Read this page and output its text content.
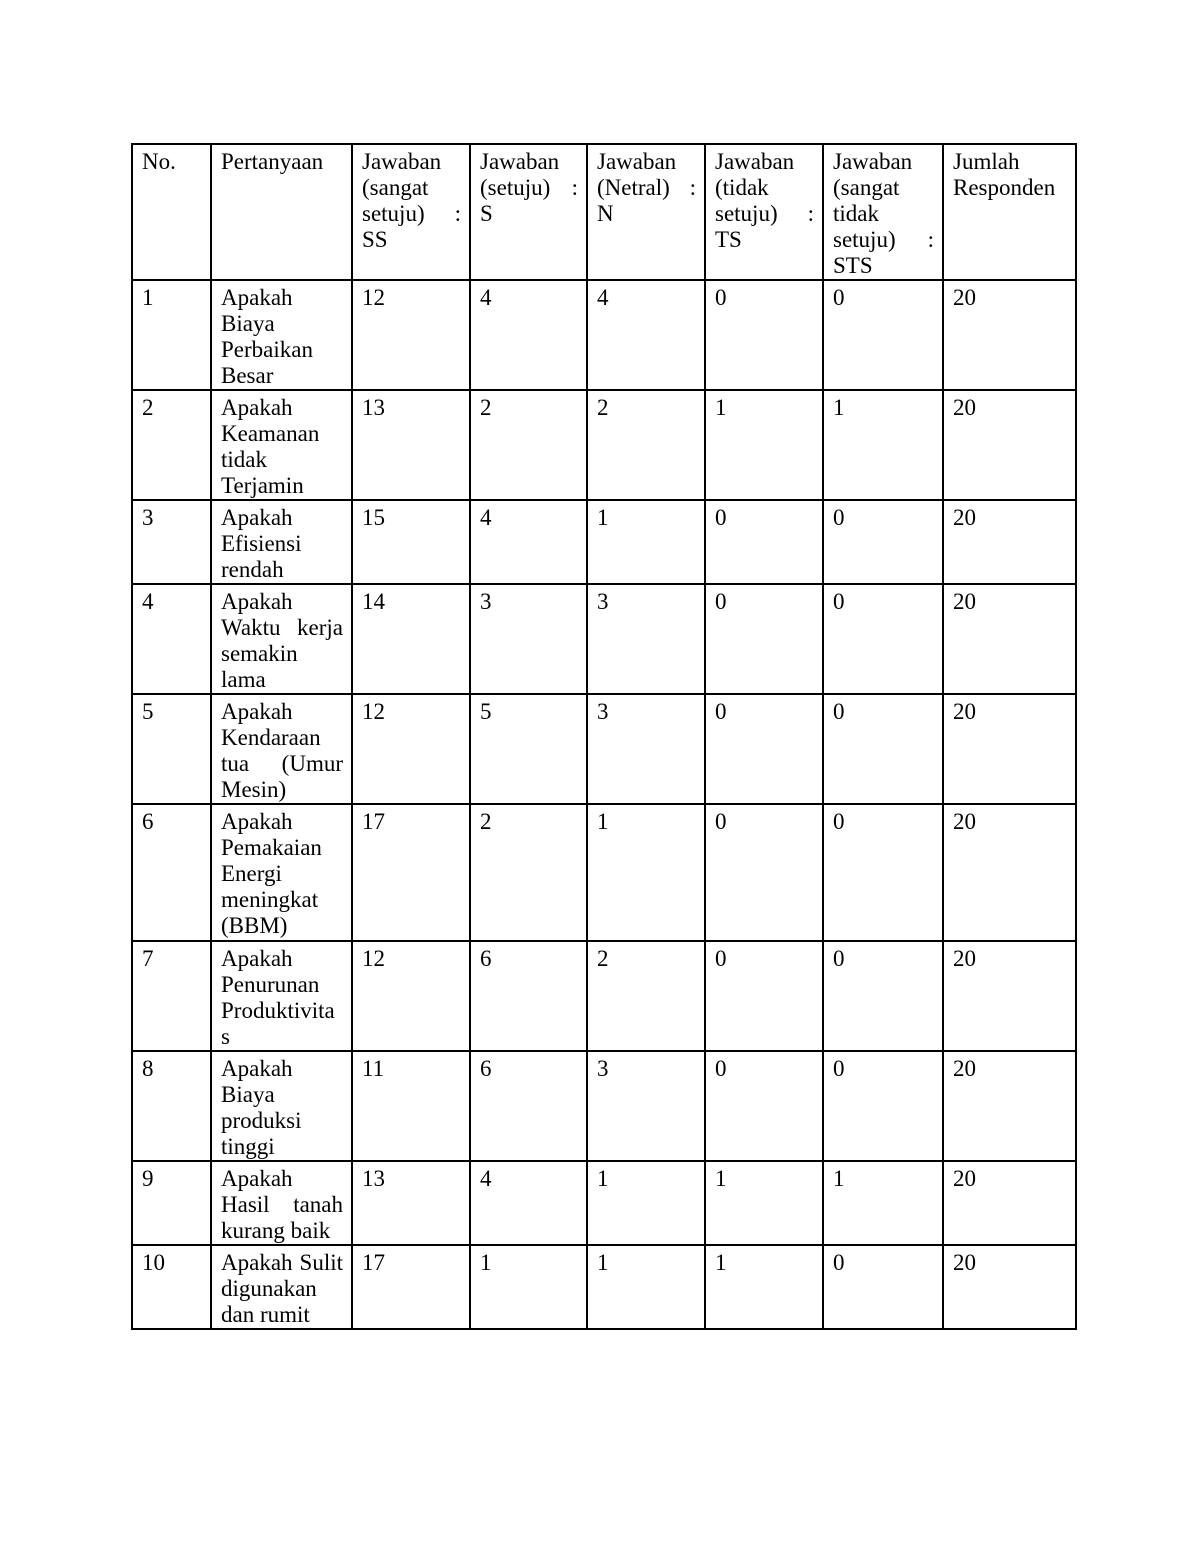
No.	Pertanyaan	Jawaban (sangat setuju) : SS	Jawaban (setuju) : S	Jawaban (Netral) : N	Jawaban (tidak setuju) : TS	Jawaban (sangat tidak setuju) : STS	Jumlah Responden
1	Apakah Biaya Perbaikan Besar	12	4	4	0	0	20
2	Apakah Keamanan tidak Terjamin	13	2	2	1	1	20
3	Apakah Efisiensi rendah	15	4	1	0	0	20
4	Apakah Waktu kerja semakin lama	14	3	3	0	0	20
5	Apakah Kendaraan tua (Umur Mesin)	12	5	3	0	0	20
6	Apakah Pemakaian Energi meningkat (BBM)	17	2	1	0	0	20
7	Apakah Penurunan Produktivitas	12	6	2	0	0	20
8	Apakah Biaya produksi tinggi	11	6	3	0	0	20
9	Apakah Hasil tanah kurang baik	13	4	1	1	1	20
10	Apakah Sulit digunakan dan rumit	17	1	1	1	0	20
